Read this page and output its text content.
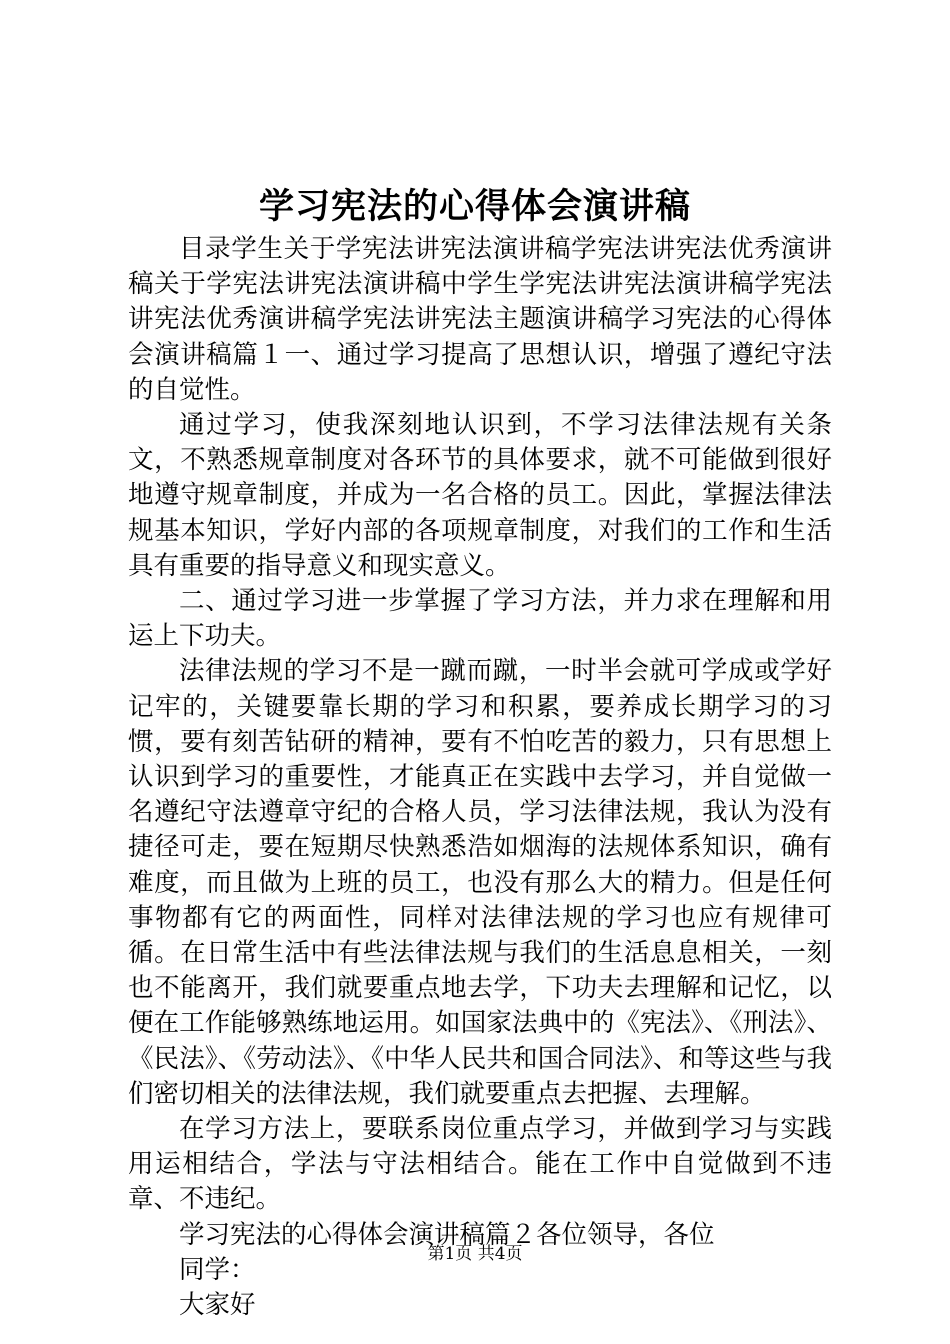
学习宪法的心得体会演讲稿

目录学生关于学宪法讲宪法演讲稿学宪法讲宪法优秀演讲稿关于学宪法讲宪法演讲稿中学生学宪法讲宪法演讲稿学宪法讲宪法优秀演讲稿学宪法讲宪法主题演讲稿学习宪法的心得体会演讲稿篇１一、通过学习提高了思想认识，增强了遵纪守法的自觉性。

通过学习，使我深刻地认识到，不学习法律法规有关条文，不熟悉规章制度对各环节的具体要求，就不可能做到很好地遵守规章制度，并成为一名合格的员工。因此，掌握法律法规基本知识，学好内部的各项规章制度，对我们的工作和生活具有重要的指导意义和现实意义。

二、通过学习进一步掌握了学习方法，并力求在理解和用运上下功夫。

法律法规的学习不是一蹴而蹴，一时半会就可学成或学好记牢的，关键要靠长期的学习和积累，要养成长期学习的习惯，要有刻苦钻研的精神，要有不怕吃苦的毅力，只有思想上认识到学习的重要性，才能真正在实践中去学习，并自觉做一名遵纪守法遵章守纪的合格人员，学习法律法规，我认为没有捷径可走，要在短期尽快熟悉浩如烟海的法规体系知识，确有难度，而且做为上班的员工，也没有那么大的精力。但是任何事物都有它的两面性，同样对法律法规的学习也应有规律可循。在日常生活中有些法律法规与我们的生活息息相关，一刻也不能离开，我们就要重点地去学，下功夫去理解和记忆，以便在工作能够熟练地运用。如国家法典中的《宪法》、《刑法》、《民法》、《劳动法》、《中华人民共和国合同法》、和等这些与我们密切相关的法律法规，我们就要重点去把握、去理解。

在学习方法上，要联系岗位重点学习，并做到学习与实践用运相结合，学法与守法相结合。能在工作中自觉做到不违章、不违纪。

学习宪法的心得体会演讲稿篇２各位领导，各位

同学：

大家好

第1页 共4页
